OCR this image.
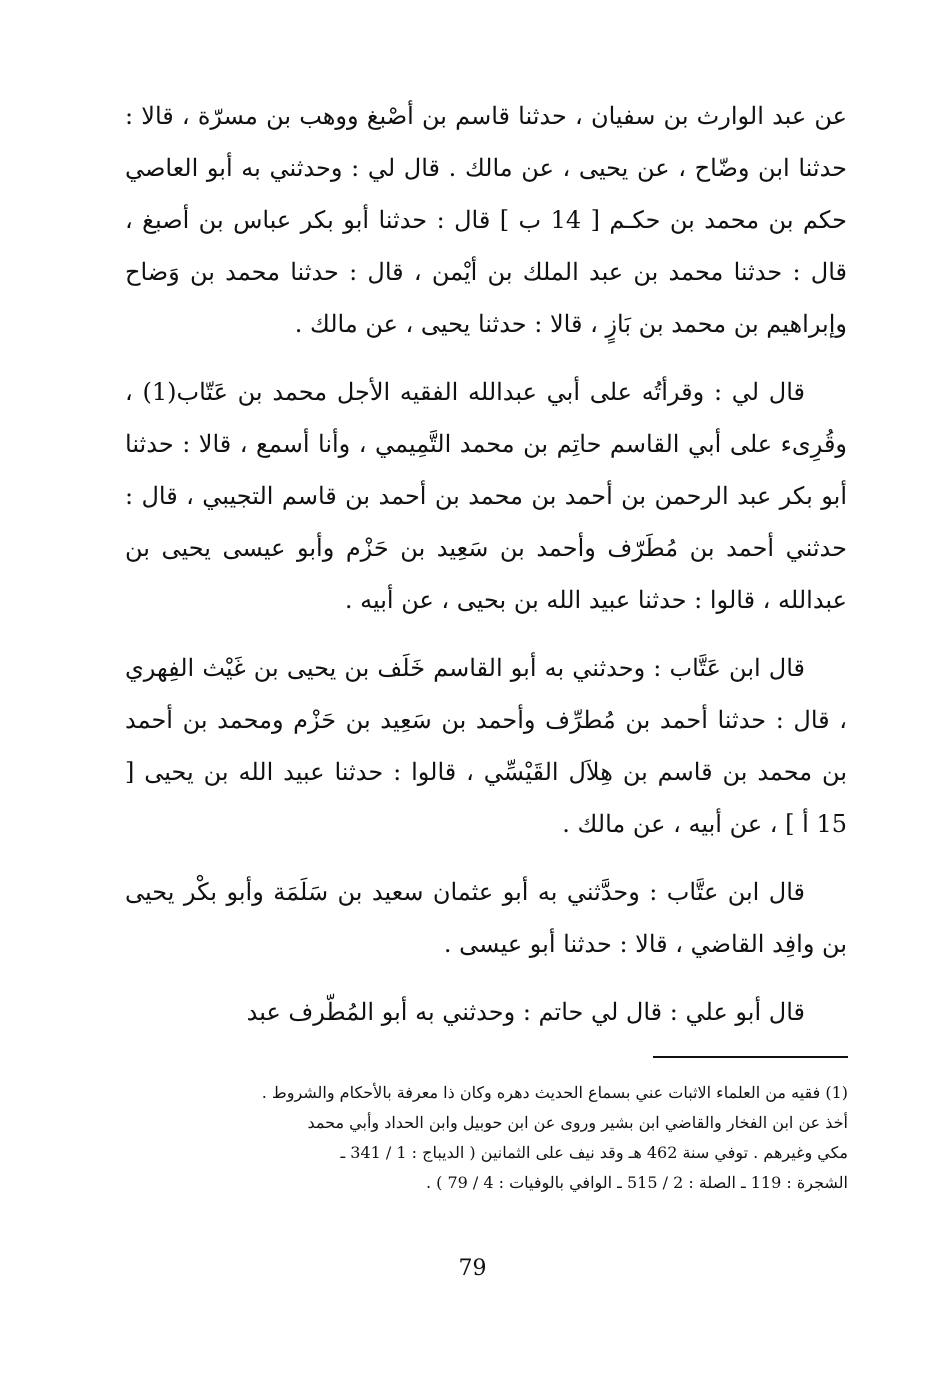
عن عبد الوارث بن سفيان ، حدثنا قاسم بن أصْبغ ووهب بن مسرّة ، قالا : حدثنا ابن وضّاح ، عن يحيى ، عن مالك . قال لي : وحدثني به أبو العاصي حكم بن محمد بن حكـم [ 14 ب ] قال : حدثنا أبو بكر عباس بن أصبغ ، قال : حدثنا محمد بن عبد الملك بن أيْمن ، قال : حدثنا محمد بن وَضاح وإبراهيم بن محمد بن بَازٍ ، قالا : حدثنا يحيى ، عن مالك .

قال لي : وقرأتُه على أبي عبدالله الفقيه الأجل محمد بن عَتّاب(1) ، وقُرِىء على أبي القاسم حاتِم بن محمد التَّمِيمي ، وأنا أسمع ، قالا : حدثنا أبو بكر عبد الرحمن بن أحمد بن محمد بن أحمد بن قاسم التجيبي ، قال : حدثني أحمد بن مُطَرّف وأحمد بن سَعِيد بن حَزْم وأبو عيسى يحيى بن عبدالله ، قالوا : حدثنا عبيد الله بن بحيى ، عن أبيه .

قال ابن عَتَّاب : وحدثني به أبو القاسم خَلَف بن يحيى بن غَيْث الفِهري ، قال : حدثنا أحمد بن مُطرِّف وأحمد بن سَعِيد بن حَزْم ومحمد بن أحمد بن محمد بن قاسم بن هِلاَل القَيْسِّي ، قالوا : حدثنا عبيد الله بن يحيى [ 15 أ ] ، عن أبيه ، عن مالك .

قال ابن عتَّاب : وحدَّثني به أبو عثمان سعيد بن سَلَمَة وأبو بكْر يحيى بن وافِد القاضي ، قالا : حدثنا أبو عيسى .

قال أبو علي : قال لي حاتم : وحدثني به أبو المُطّرف عبد

(1) فقيه من العلماء الاثبات عني بسماع الحديث دهره وكان ذا معرفة بالأحكام والشروط .

أخذ عن ابن الفخار والقاضي ابن بشير وروى عن ابن حوبيل وابن الحداد وأبي محمد

مكي وغيرهم . توفي سنة 462 هـ وقد نيف على الثمانين ( الديباج : 1 / 341 ـ

الشجرة : 119 ـ الصلة : 2 / 515 ـ الوافي بالوفيات : 4 / 79 ) .

79
